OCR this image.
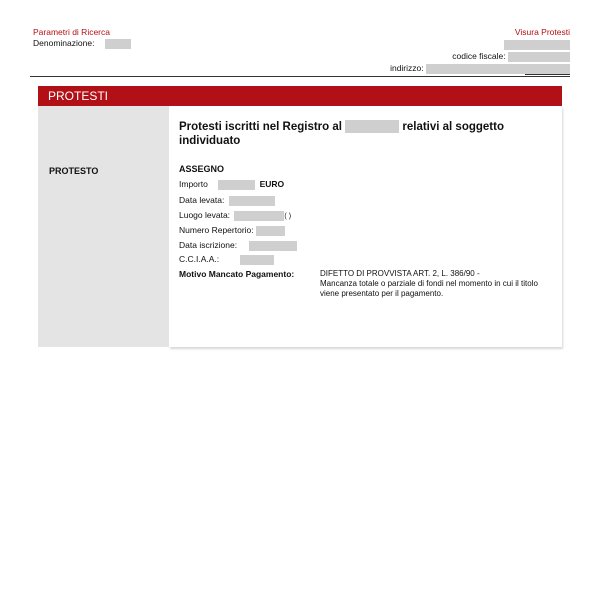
Parametri di Ricerca
Denominazione:
Visura Protesti
codice fiscale:
indirizzo:
PROTESTI
PROTESTO
Protesti iscritti nel Registro al	relativi al soggetto
individuato
ASSEGNO
Importo	EURO
Data levata:
Luogo levata:	( )
Numero Repertorio:
Data iscrizione:
C.C.I.A.A.:
Motivo Mancato Pagamento:	DIFETTO DI PROVVISTA ART. 2, L. 386/90 -
Mancanza totale o parziale di fondi nel momento in cui il titolo viene presentato per il pagamento.
